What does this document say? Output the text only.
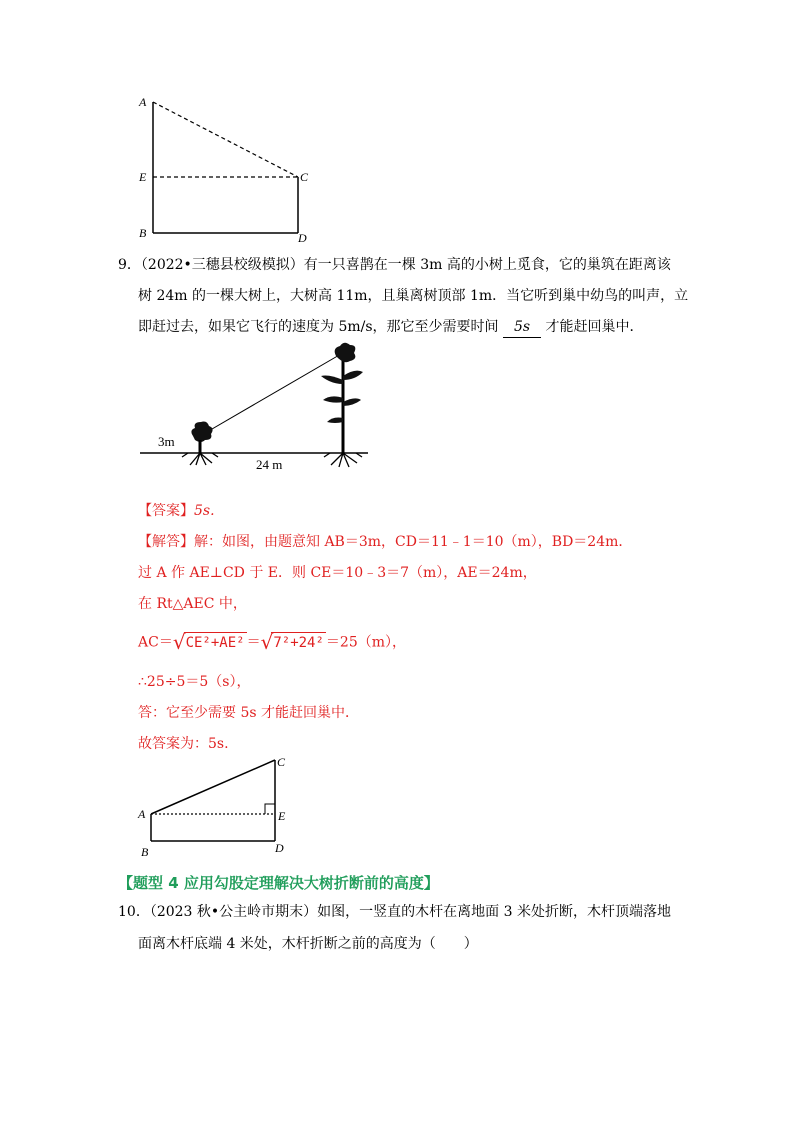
A
E	C
B	D
9．（2022•三穗县校级模拟）有一只喜鹊在一棵 3m 高的小树上觅食，它的巢筑在距离该
树 24m 的一棵大树上，大树高 11m，且巢离树顶部 1m．当它听到巢中幼鸟的叫声，立
即赶过去，如果它飞行的速度为 5m/s，那它至少需要时间 5s 才能赶回巢中．
3m
24 m
【答案】5s.
【解答】解：如图，由题意知 AB＝3m，CD＝11﹣1＝10（m），BD＝24m．
过 A 作 AE⊥CD 于 E．则 CE＝10﹣3＝7（m），AE＝24m，
在 Rt△AEC 中，
AC＝√CE²+AE² ＝√7²+24² ＝25（m），
∴25÷5＝5（s），
答：它至少需要 5s 才能赶回巢中．
故答案为：5s.
A
C
E
B	D
【题型 4 应用勾股定理解决大树折断前的高度】
10．（2023 秋•公主岭市期末）如图，一竖直的木杆在离地面 3 米处折断，木杆顶端落地
面离木杆底端 4 米处，木杆折断之前的高度为（　　）
